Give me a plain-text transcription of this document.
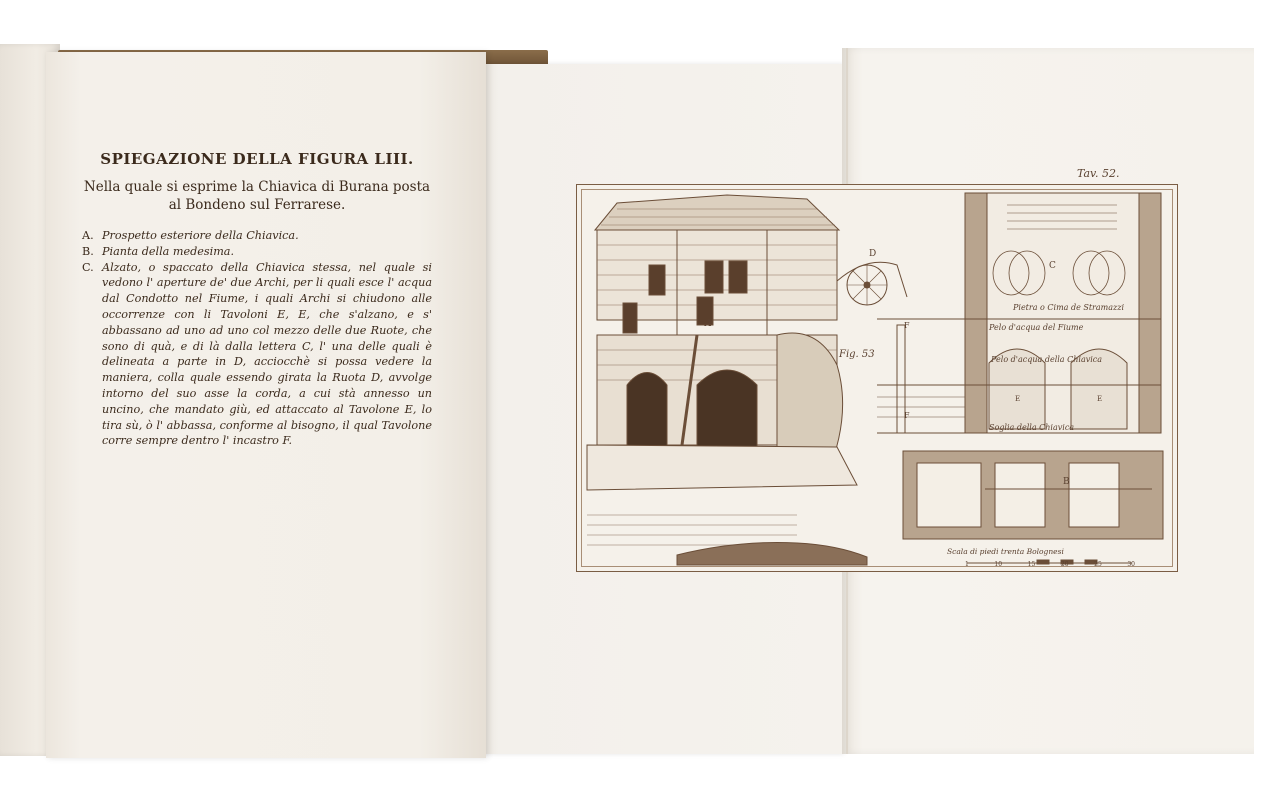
SPIEGAZIONE DELLA FIGURA LIII.
Nella quale si esprime la Chiavica di Burana posta al Bondeno sul Ferrarese.
A. Prospetto esteriore della Chiavica.
B. Pianta della medesima.
C. Alzato, o spaccato della Chiavica stessa, nel quale si vedono l' aperture de' due Archi, per li quali esce l' acqua dal Condotto nel Fiume, i quali Archi si chiudono alle occorrenze con li Tavoloni E, E, che s'alzano, e s' abbassano ad uno ad uno col mezzo delle due Ruote, che sono di quà, e di là dalla lettera C, l' una delle quali è delineata a parte in D, acciocchè si possa vedere la maniera, colla quale essendo girata la Ruota D, avvolge intorno del suo asse la corda, a cui stà annesso un uncino, che mandato giù, ed attaccato al Tavolone E, lo tira sù, ò l' abbassa, conforme al bisogno, il qual Tavolone corre sempre dentro l' incastro F.
Tav. 52.
A
Fig. 53
D
C
F
F
E	E
Pietra o Cima de Stramazzi
Pelo d'acqua del Fiume
Pelo d'acqua della Chiavica
Soglia della Chiavica
B
Scala di piedi trenta Bolognesi
1	10	15	20	25	30
